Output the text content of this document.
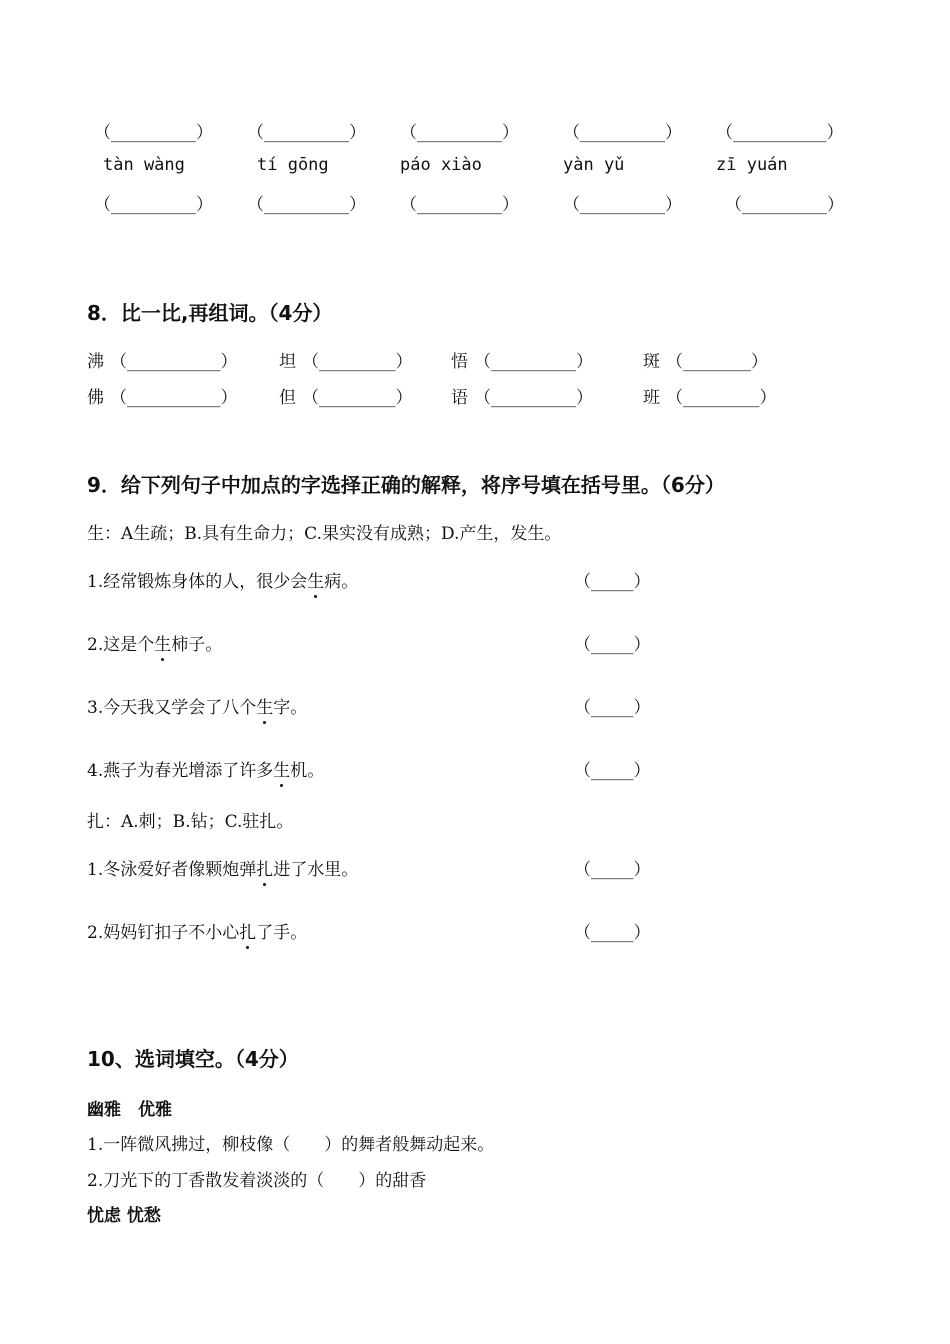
（__________） （__________） （__________）	（__________） （___________）
tàn wàng	tí gōng	páo xiào	yàn yǔ	zī yuán
（__________） （__________） （__________）	（__________）	（__________）
8．比一比,再组词。（4分）
沸 （___________） 坦 （_________） 悟 （__________）	斑 （________）
佛 （___________） 但 （_________） 语 （__________）	班 （_________）
9．给下列句子中加点的字选择正确的解释，将序号填在括号里。（6分）
生：A生疏；B.具有生命力；C.果实没有成熟；D.产生，发生。
1.经常锻炼身体的人，很少会生病。	（_____）
2.这是个生柿子。	（_____）
3.今天我又学会了八个生字。	（_____）
4.燕子为春光增添了许多生机。	（_____）
扎：A.刺；B.钻；C.驻扎。
1.冬泳爱好者像颗炮弹扎进了水里。	（_____）
2.妈妈钉扣子不小心扎了手。	（_____）
10、选词填空。（4分）
幽雅　优雅
1.一阵微风拂过，柳枝像（　　）的舞者般舞动起来。
2.刀光下的丁香散发着淡淡的（　　）的甜香
忧虑 忧愁
